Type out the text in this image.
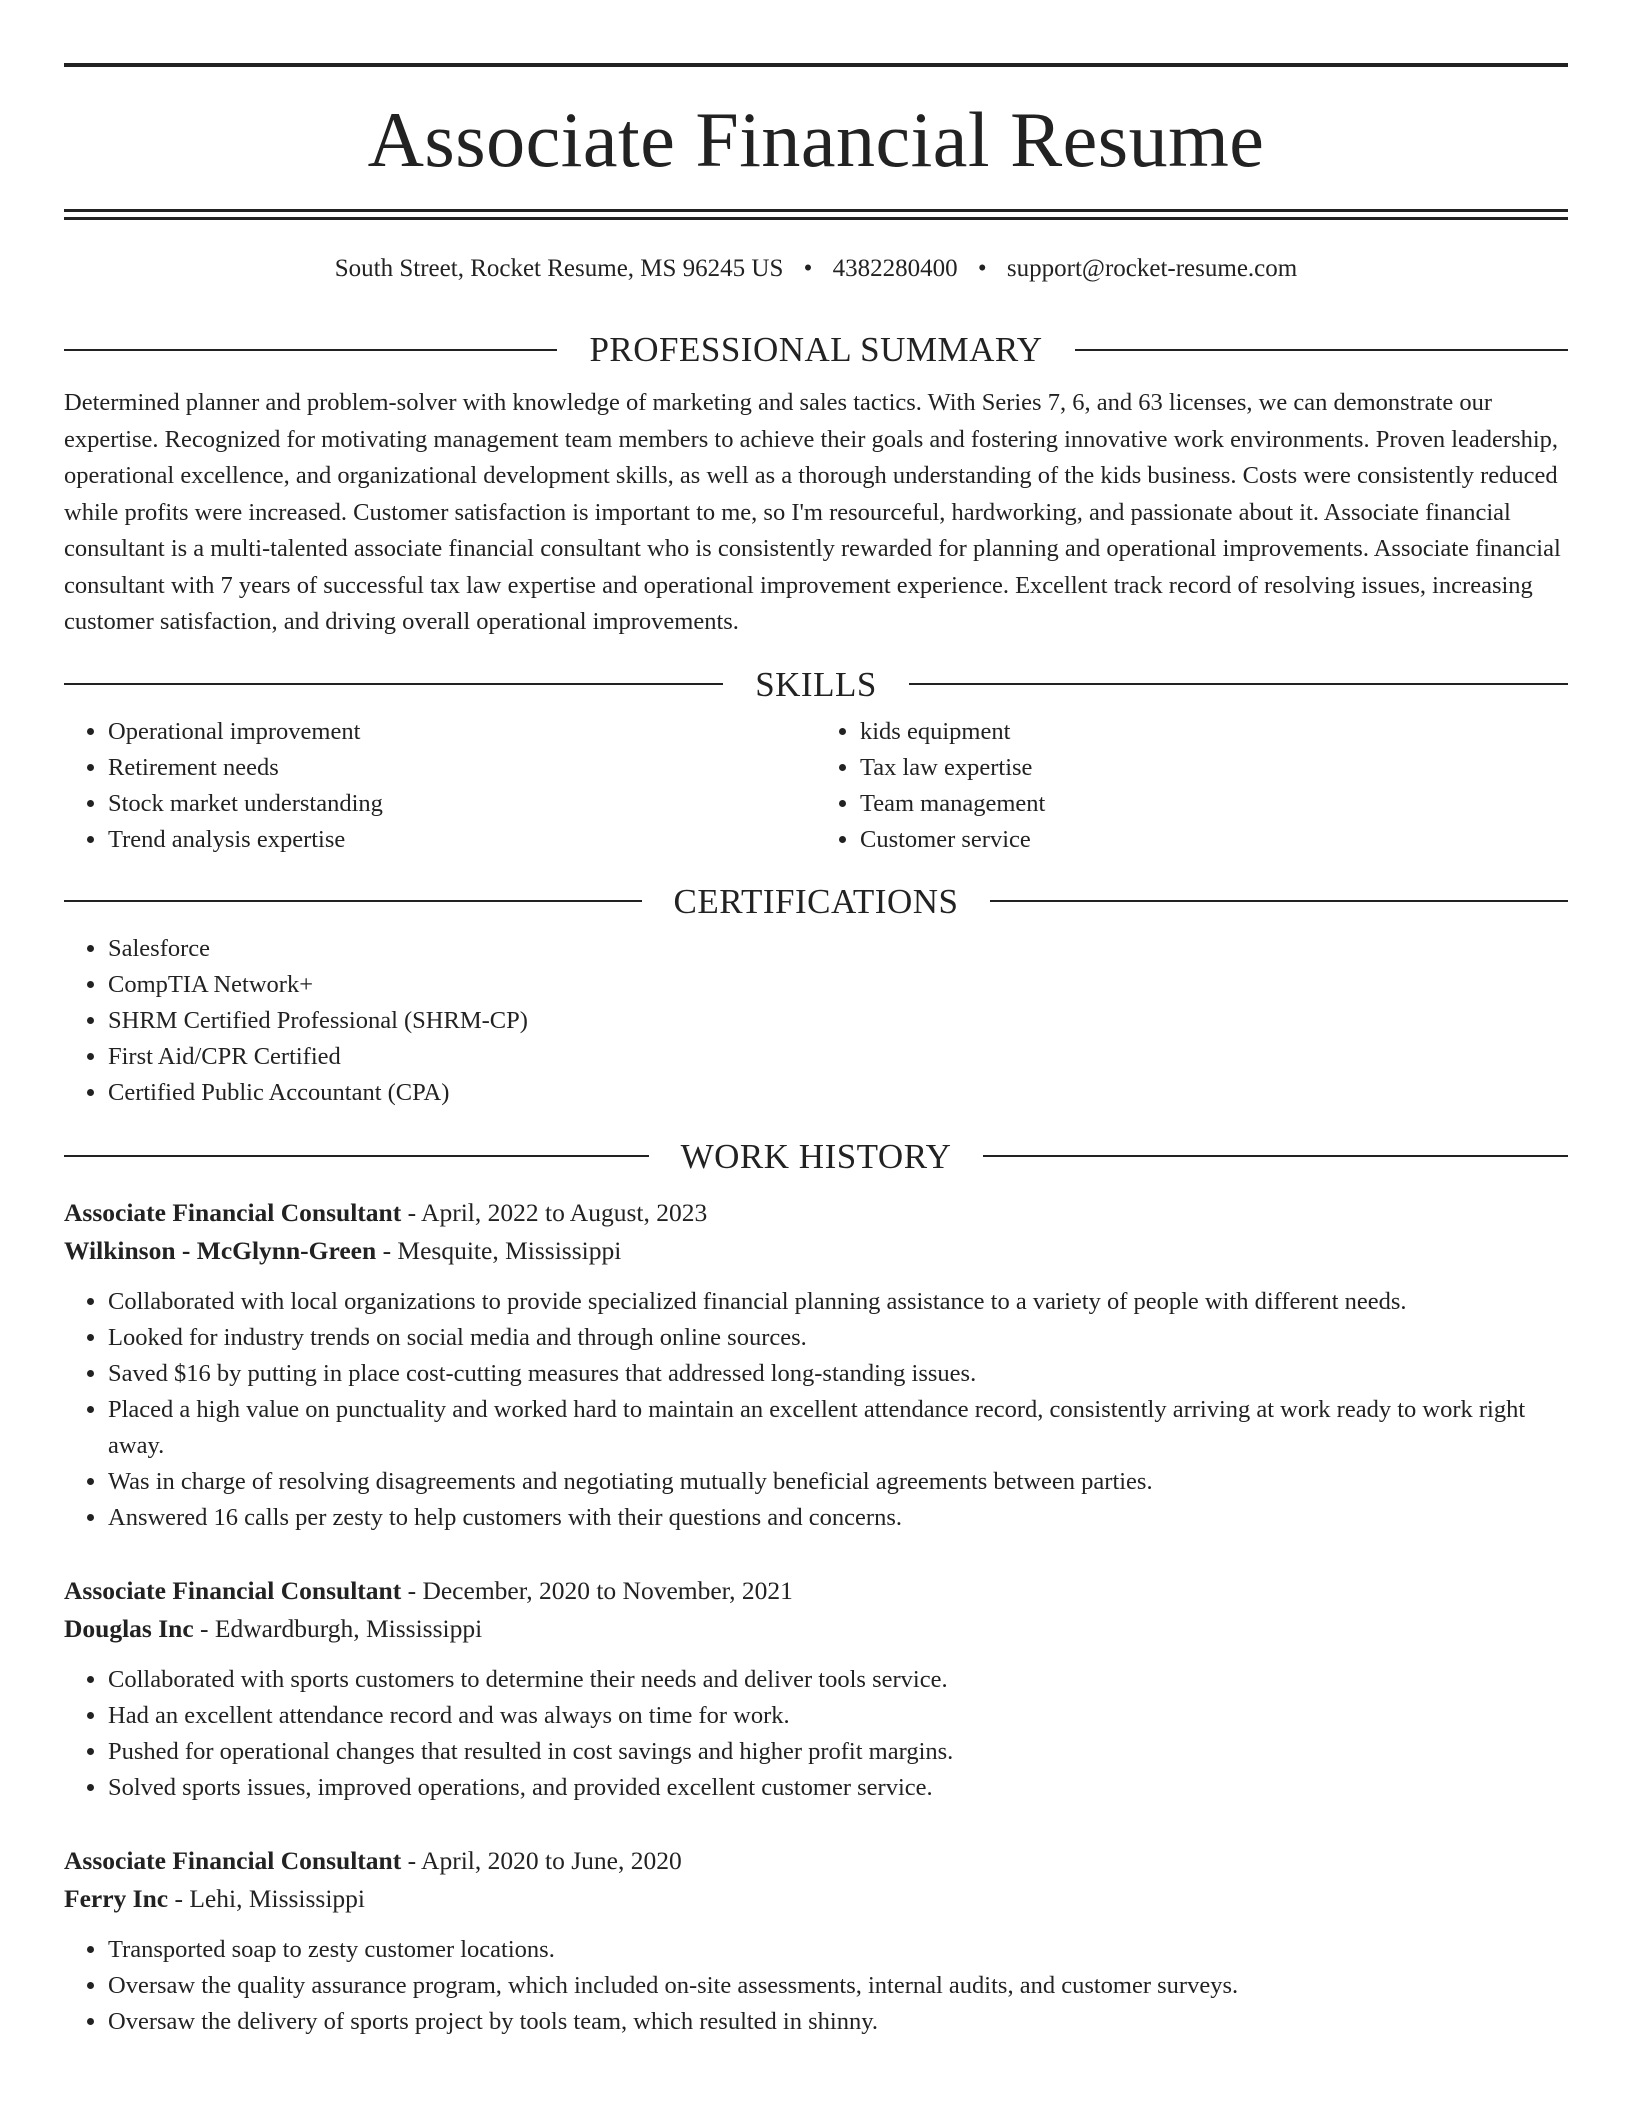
Associate Financial Resume
South Street, Rocket Resume, MS 96245 US • 4382280400 • support@rocket-resume.com
PROFESSIONAL SUMMARY

Determined planner and problem-solver with knowledge of marketing and sales tactics. With Series 7, 6, and 63 licenses, we can demonstrate our expertise. Recognized for motivating management team members to achieve their goals and fostering innovative work environments. Proven leadership, operational excellence, and organizational development skills, as well as a thorough understanding of the kids business. Costs were consistently reduced while profits were increased. Customer satisfaction is important to me, so I'm resourceful, hardworking, and passionate about it. Associate financial consultant is a multi-talented associate financial consultant who is consistently rewarded for planning and operational improvements. Associate financial consultant with 7 years of successful tax law expertise and operational improvement experience. Excellent track record of resolving issues, increasing customer satisfaction, and driving overall operational improvements.

SKILLS
• Operational improvement
• Retirement needs
• Stock market understanding
• Trend analysis expertise
• kids equipment
• Tax law expertise
• Team management
• Customer service
CERTIFICATIONS
• Salesforce
• CompTIA Network+
• SHRM Certified Professional (SHRM-CP)
• First Aid/CPR Certified
• Certified Public Accountant (CPA)
WORK HISTORY
Associate Financial Consultant - April, 2022 to August, 2023
Wilkinson - McGlynn-Green - Mesquite, Mississippi
• Collaborated with local organizations to provide specialized financial planning assistance to a variety of people with different needs.
• Looked for industry trends on social media and through online sources.
• Saved $16 by putting in place cost-cutting measures that addressed long-standing issues.
• Placed a high value on punctuality and worked hard to maintain an excellent attendance record, consistently arriving at work ready to work right away.
• Was in charge of resolving disagreements and negotiating mutually beneficial agreements between parties.
• Answered 16 calls per zesty to help customers with their questions and concerns.
Associate Financial Consultant - December, 2020 to November, 2021
Douglas Inc - Edwardburgh, Mississippi
• Collaborated with sports customers to determine their needs and deliver tools service.
• Had an excellent attendance record and was always on time for work.
• Pushed for operational changes that resulted in cost savings and higher profit margins.
• Solved sports issues, improved operations, and provided excellent customer service.
Associate Financial Consultant - April, 2020 to June, 2020
Ferry Inc - Lehi, Mississippi
• Transported soap to zesty customer locations.
• Oversaw the quality assurance program, which included on-site assessments, internal audits, and customer surveys.
• Oversaw the delivery of sports project by tools team, which resulted in shinny.
